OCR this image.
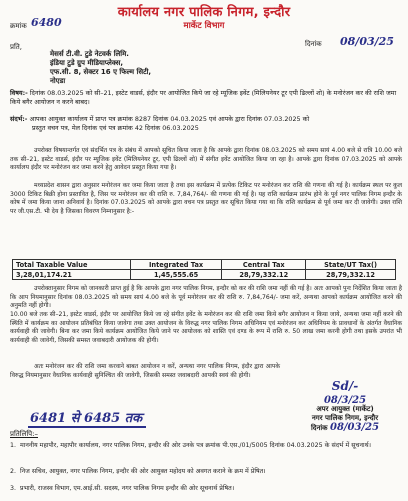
कार्यालय नगर पालिक निगम, इन्दौर
मार्केट विभाग
क्रमांक 6480
दिनांक 08/03/25
प्रति,
मेसर्स टी.वी. टुडे नेटवर्क लिमि.
इंडिया टुडे ग्रुप मीडियाप्लेक्स,
एफ.सी. 8, सेक्टर 16 ए फिल्म सिटी,
नोएडा
विषय:- दिनांक 08.03.2025 को सी–21, इस्टेट वाडर्स, इंदौर पर आयोजित किये जा रहे म्यूजिक इवेंट (मिलियनेयर टूर एपी ढिल्लों शो) के मनोरंजन कर की राशि जमा किये बगैर आयोजन न करने बाबद।
संदर्भ:- आपका आयुक्त कार्यालय में प्राप्त पत्र क्रमांक 8287 दिनांक 04.03.2025 एवं आपके द्वारा दिनांक 07.03.2025 को
प्रस्तुत वचन पत्र, मेल दिनांक एवं पत्र क्रमांक 42 दिनांक 06.03.2025

उपरोक्त विषयान्तर्गत एवं संदर्भित पत्र के संबंध में आपको सूचित किया जाता है कि आपके द्वारा दिनांक 08.03.2025 को समय सायं 4.00 बजे से रात्रि 10.00 बजे तक सी–21, इस्टेट वाडर्स, इंदौर पर म्यूजिक इवेंट (मिलियनेयर टूर, एपी ढिल्लों शो) में संगीत इवेंट आयोजित किया जा रहा है। आपके द्वारा दिनांक 07.03.2025 को आपके कार्यालय इंदौर पर मनोरंजन कर जमा करने हेतु आवेदन प्रस्तुत किया गया है।

मध्यप्रदेश शासन द्वारा अनुसार मनोरंजन कर जमा किया जाता है तथा इस कार्यक्रम में प्रत्येक टिकिट पर मनोरंजन कर राशि की गणना की गई है। कार्यक्रम स्थल पर कुल 3000 टिकिट बिक्री होना प्रस्तावित है, जिस पर मनोरंजन कर की राशि रु. 7,84,764/- की गणना की गई है। यह राशि कार्यक्रम प्रारंभ होने के पूर्व नगर पालिक निगम इन्दौर के कोष में जमा किया जाना अनिवार्य है। दिनांक 07.03.2025 को आपके द्वारा वचन पत्र प्रस्तुत कर सूचित किया गया था कि राशि कार्यक्रम से पूर्व जमा कर दी जावेगी। उक्त राशि पर जी.एस.टी. भी देय है जिसका विवरण निम्नानुसार है:-

Total Taxable Value	Integrated Tax	Central Tax	State/UT Tax()
3,28,01,174.21	1,45,555.65	28,79,332.12	28,79,332.12

उपरोक्तानुसार निगम को जानकारी प्राप्त हुई है कि आपके द्वारा नगर पालिक निगम, इन्दौर को कर की राशि जमा नहीं की गई है। अतः आपको पुनः निर्देशित किया जाता है कि आप नियमानुसार दिनांक 08.03.2025 को समय सायं 4.00 बजे के पूर्व मनोरंजन कर की राशि रु. 7,84,764/- जमा करें, अन्यथा आपको कार्यक्रम आयोजित करने की अनुमति नहीं होगी।

10.00 बजे तक सी–21, इस्टेट वाडर्स, इंदौर पर आयोजित किये जा रहे संगीत इवेंट के मनोरंजन कर की राशि जमा किये बगैर आयोजन न किया जाये, अन्यथा जमा नहीं करने की स्थिति में कार्यक्रम का आयोजन प्रतिबंधित किया जावेगा तथा उक्त आयोजन के विरुद्ध नगर पालिक निगम अधिनियम एवं मनोरंजन कर अधिनियम के प्रावधानों के अंतर्गत वैधानिक कार्यवाही की जावेगी। बिना कर जमा किये कार्यक्रम आयोजित किये जाने पर आयोजक को शास्ति एवं दण्ड के रूप में राशि रु. 50 लाख जमा करनी होगी तथा इसके उपरांत भी कार्यवाही की जावेगी, जिसकी समस्त जवाबदारी आयोजक की होगी।

अतः मनोरंजन कर की राशि जमा करवाने बाबत आयोजन न करें, अन्यथा नगर पालिक निगम, इंदौर द्वारा आपके विरुद्ध नियमानुसार वैधानिक कार्यवाही सुनिश्चित की जावेगी, जिसकी समस्त जवाबदारी आपकी स्वयं की होगी।

Sd/-
08/3/25
अपर आयुक्त (मार्केट)
नगर पालिक निगम, इन्दौर
दिनांक 08/03/25
6481 से 6485 तक
प्रतिलिपि:–
1. माननीय महापौर, महापौर कार्यालय, नगर पालिक निगम, इन्दौर की ओर उनके पत्र क्रमांक पी.एस./01/5005 दिनांक 04.03.2025 के संदर्भ में सूचनार्थ।
2. निज सचिव, आयुक्त, नगर पालिक निगम, इन्दौर की ओर आयुक्त महोदय को अवगत कराने के क्रम में प्रेषित।
3. प्रभारी, राजस्व विभाग, एम.आई.सी. सदस्य, नगर पालिक निगम इन्दौर की ओर सूचनार्थ प्रेषित।
